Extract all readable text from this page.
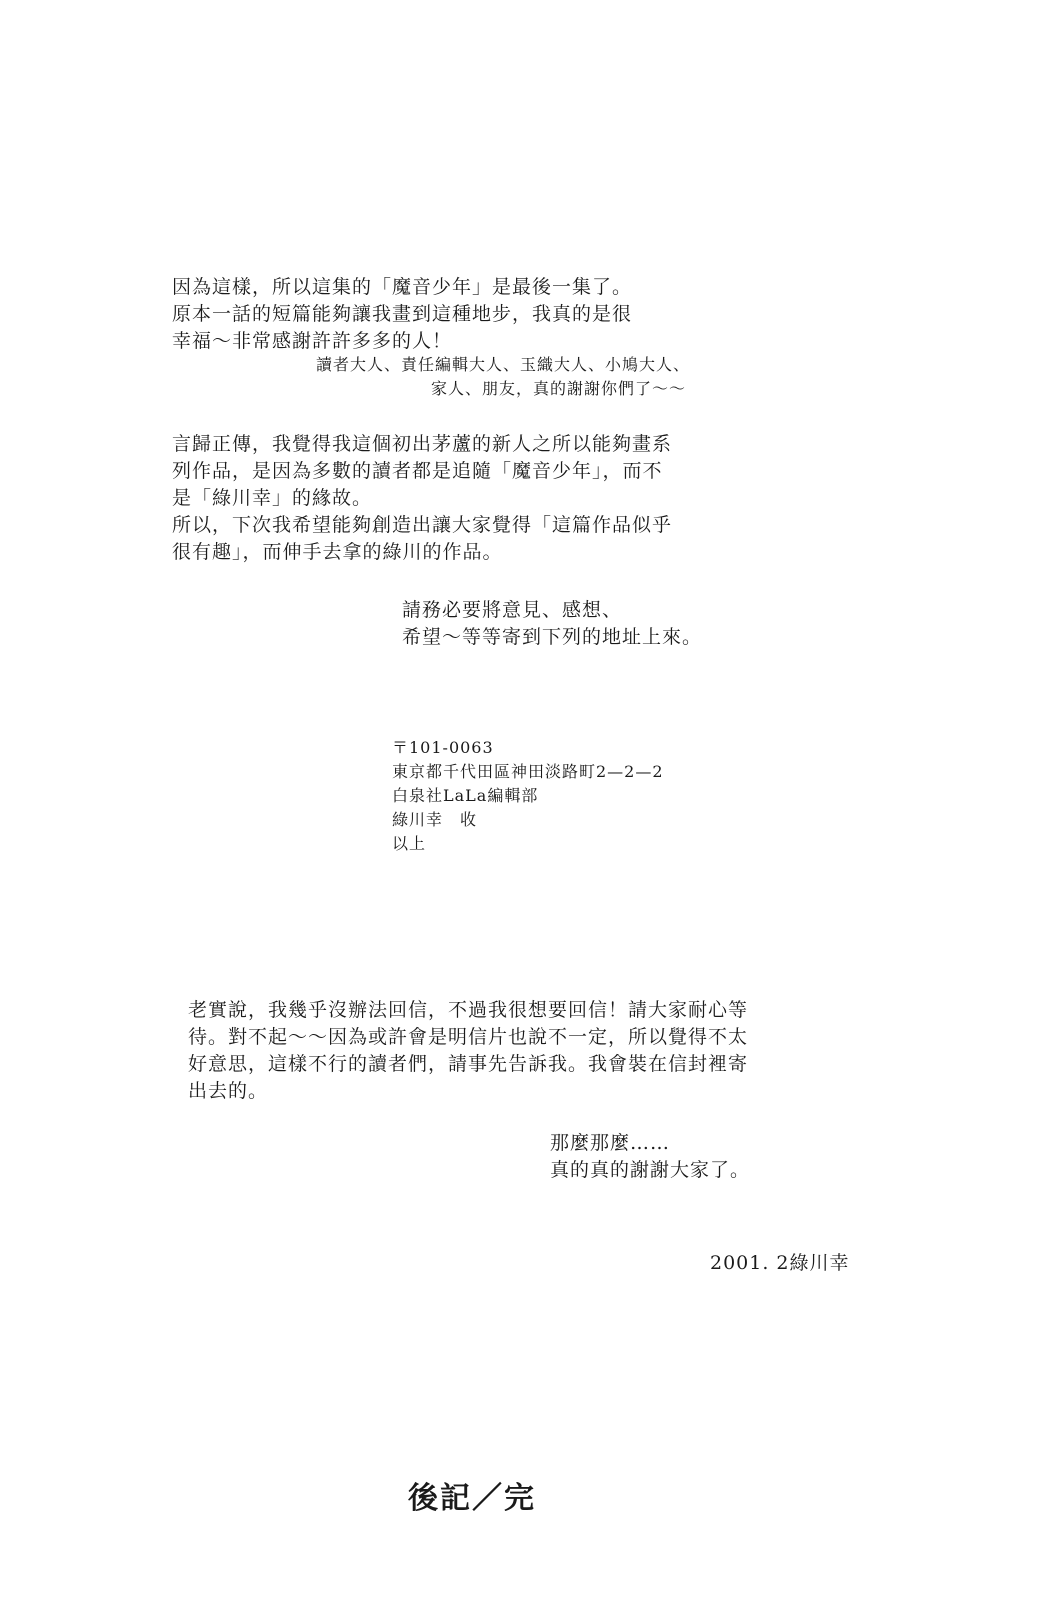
因為這樣，所以這集的「魔音少年」是最後一集了。
原本一話的短篇能夠讓我畫到這種地步，我真的是很
幸福～非常感謝許許多多的人！
讀者大人、責任編輯大人、玉織大人、小鳩大人、
家人、朋友，真的謝謝你們了～～
言歸正傳，我覺得我這個初出茅蘆的新人之所以能夠畫系
列作品，是因為多數的讀者都是追隨「魔音少年」，而不
是「綠川幸」的緣故。
所以，下次我希望能夠創造出讓大家覺得「這篇作品似乎
很有趣」，而伸手去拿的綠川的作品。
請務必要將意見、感想、
希望～等等寄到下列的地址上來。
〒101-0063
東京都千代田區神田淡路町2—2—2
白泉社LaLa編輯部
綠川幸　收
以上
老實說，我幾乎沒辦法回信，不過我很想要回信！請大家耐心等
待。對不起～～因為或許會是明信片也說不一定，所以覺得不太
好意思，這樣不行的讀者們，請事先告訴我。我會裝在信封裡寄
出去的。
那麼那麼……
真的真的謝謝大家了。
2001. 2綠川幸
後記／完
